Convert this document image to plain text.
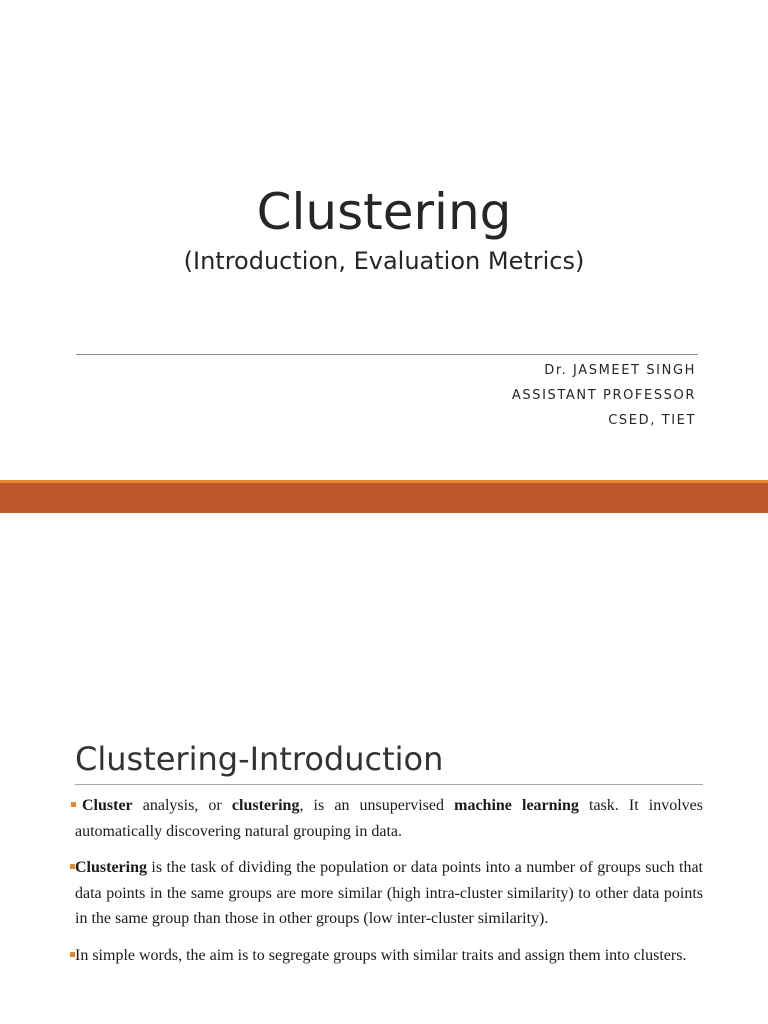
Clustering
(Introduction, Evaluation Metrics)
Dr. JASMEET SINGH
ASSISTANT PROFESSOR
CSED, TIET
Clustering-Introduction
Cluster analysis, or clustering, is an unsupervised machine learning task. It involves automatically discovering natural grouping in data.
Clustering is the task of dividing the population or data points into a number of groups such that data points in the same groups are more similar (high intra-cluster similarity) to other data points in the same group than those in other groups (low inter-cluster similarity).
In simple words, the aim is to segregate groups with similar traits and assign them into clusters.
